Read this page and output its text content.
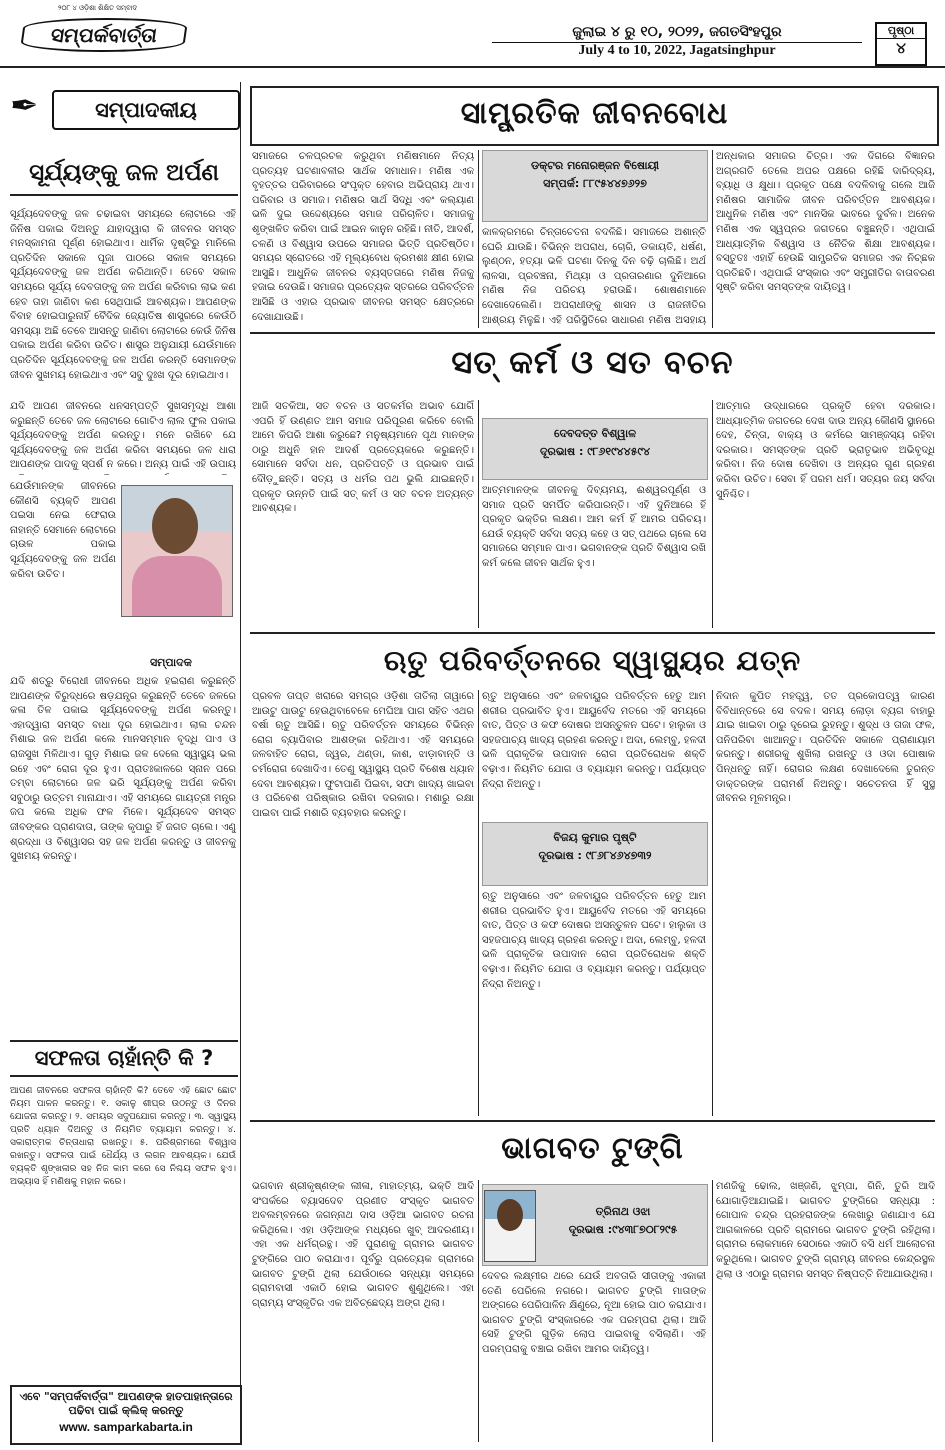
୨୦୮ ୪ ଓଡ଼ିଶା ଶିକ୍ଷିତ ସମ୍ବାଦ
ସମ୍ପର୍କବାର୍ତ୍ତା	ଜୁଲାଇ ୪ ରୁ ୧୦, ୨୦୨୨, ଜଗତସିଂହପୁର
July 4 to 10, 2022, Jagatsinghpur
ପୃଷ୍ଠା
୪
✒	ସମ୍ପାଦକୀୟ
ସୂର୍ଯ୍ୟଙ୍କୁ ଜଳ ଅର୍ପଣ
ସୂର୍ଯ୍ୟଦେବଙ୍କୁ ଜଳ ଚଢାଇବା ସମୟରେ ଲୋଟାରେ ଏହି ଜିନିଷ ପକାଇ ଦିଅନ୍ତୁ ଯାହାଦ୍ୱାରା କି ଜୀବନର ସମସ୍ତ ମନସ୍କାମନା ପୂର୍ଣ୍ଣ ହୋଇଥାଏ। ଧାର୍ମିକ ଦୃଷ୍ଟିରୁ ମାନିଲେ ପ୍ରତିଦିନ ସକାଳେ ପୂଜା ପାଠରେ ସକାଳ ସମୟରେ ସୂର୍ଯ୍ୟଦେବଙ୍କୁ ଜଳ ଅର୍ପଣ କରିଥାନ୍ତି। ତେବେ ସକାଳ ସମୟରେ ସୂର୍ଯ୍ୟ ଦେବତାଙ୍କୁ ଜଳ ଅର୍ପଣ କରିବାର ଲାଭ କଣ ହେବ ତାହା ଜାଣିବା କଣ ସେଥିପାଇଁ ଆବଶ୍ୟକ। ଆପଣଙ୍କ ବିବାହ ହୋଇପାରୁନାହିଁ ବୈଦିକ ଜ୍ୟୋତିଷ ଶାସ୍ତ୍ରରେ କେଉଁଠି ସମସ୍ୟା ଅଛି ତେବେ ଆସନ୍ତୁ ଜାଣିବା ଲୋଟାରେ କେଉଁ ଜିନିଷ ପକାଇ ଅର୍ପଣ କରିବା ଉଚିତ। ଶାସ୍ତ୍ର ଅନୁଯାୟୀ ଯେଉଁମାନେ ପ୍ରତିଦିନ ସୂର୍ଯ୍ୟଦେବଙ୍କୁ ଜଳ ଅର୍ପଣ କରନ୍ତି ସେମାନଙ୍କ ଜୀବନ ସୁଖମୟ ହୋଇଥାଏ ଏବଂ ସବୁ ଦୁଃଖ ଦୂର ହୋଇଥାଏ।
ଯଦି ଆପଣ ଜୀବନରେ ଧନସମ୍ପତ୍ତି ସୁଖସମୃଦ୍ଧି ଆଶା କରୁଛନ୍ତି ତେବେ ଜଳ ଲୋଟାରେ ଗୋଟିଏ ଲାଲ ଫୁଲ ପକାଇ ସୂର୍ଯ୍ୟଦେବଙ୍କୁ ଅର୍ପଣ କରନ୍ତୁ। ମନେ ରଖିବେ ଯେ ସୂର୍ଯ୍ୟଦେବଙ୍କୁ ଜଳ ଅର୍ପଣ କରିବା ସମୟରେ ଜଳ ଧାରା ଆପଣଙ୍କ ପାଦକୁ ସ୍ପର୍ଶ ନ କରେ। ଅନ୍ୟ ପାଇଁ ଏହି ଉପାୟ
ଯେଉଁମାନଙ୍କ ଜୀବନରେ କୌଣସି ବ୍ୟକ୍ତି ଆପଣ ପଇସା ନେଇ ଫେରାଉ ନାହାନ୍ତି ସେମାନେ ଲୋଟାରେ ଚାଉଳ ପକାଇ ସୂର୍ଯ୍ୟଦେବଙ୍କୁ ଜଳ ଅର୍ପଣ କରିବା ଉଚିତ।
ସମ୍ପାଦକ
ଯଦି ଶତ୍ରୁ ବିରୋଧୀ ଜୀବନରେ ଅଧିକ ହଇରାଣ କରୁଛନ୍ତି ଆପଣଙ୍କ ବିରୁଦ୍ଧରେ ଷଡ଼ଯନ୍ତ୍ର କରୁଛନ୍ତି ତେବେ ଜଳରେ କଳା ତିଳ ପକାଇ ସୂର୍ଯ୍ୟଦେବଙ୍କୁ ଅର୍ପଣ କରନ୍ତୁ। ଏହାଦ୍ୱାରା ସମସ୍ତ ବାଧା ଦୂର ହୋଇଥାଏ। ଲାଲ ଚନ୍ଦନ ମିଶାଇ ଜଳ ଅର୍ପଣ କଲେ ମାନସମ୍ମାନ ବୃଦ୍ଧି ପାଏ ଓ ରାଜସୁଖ ମିଳିଥାଏ। ଗୁଡ଼ ମିଶାଇ ଜଳ ଦେଲେ ସ୍ୱାସ୍ଥ୍ୟ ଭଲ ରହେ ଏବଂ ରୋଗ ଦୂର ହୁଏ। ପ୍ରାତଃକାଳରେ ସ୍ନାନ ପରେ ତମ୍ବା ଲୋଟାରେ ଜଳ ଭରି ସୂର୍ଯ୍ୟଙ୍କୁ ଅର୍ପଣ କରିବା ସବୁଠାରୁ ଉତ୍ତମ ମାନାଯାଏ। ଏହି ସମୟରେ ଗାୟତ୍ରୀ ମନ୍ତ୍ର ଜପ କଲେ ଅଧିକ ଫଳ ମିଳେ। ସୂର୍ଯ୍ୟଦେବ ସମସ୍ତ ଜୀବଙ୍କର ପ୍ରାଣଦାତା, ତାଙ୍କ କୃପାରୁ ହିଁ ଜଗତ ଚାଲେ। ଏଣୁ ଶ୍ରଦ୍ଧା ଓ ବିଶ୍ୱାସର ସହ ଜଳ ଅର୍ପଣ କରନ୍ତୁ ଓ ଜୀବନକୁ ସୁଖମୟ କରନ୍ତୁ।
ସଫଳତା ଚାହାଁନ୍ତି କି ?
ଆପଣ ଜୀବନରେ ସଫଳତା ଚାହାଁନ୍ତି କି? ତେବେ ଏହି ଛୋଟ ଛୋଟ ନିୟମ ପାଳନ କରନ୍ତୁ। ୧. ସକାଳୁ ଶୀଘ୍ର ଉଠନ୍ତୁ ଓ ଦିନର ଯୋଜନା କରନ୍ତୁ। ୨. ସମୟର ସଦୁପଯୋଗ କରନ୍ତୁ। ୩. ସ୍ୱାସ୍ଥ୍ୟ ପ୍ରତି ଧ୍ୟାନ ଦିଅନ୍ତୁ ଓ ନିୟମିତ ବ୍ୟାୟାମ କରନ୍ତୁ। ୪. ସକାରାତ୍ମକ ଚିନ୍ତାଧାରା ରଖନ୍ତୁ। ୫. ପରିଶ୍ରମରେ ବିଶ୍ୱାସ ରଖନ୍ତୁ। ସଫଳତା ପାଇଁ ଧୈର୍ଯ୍ୟ ଓ ଲଗନ ଆବଶ୍ୟକ। ଯେଉଁ ବ୍ୟକ୍ତି ଶୃଙ୍ଖଳାର ସହ ନିଜ କାମ କରେ ସେ ନିଶ୍ଚୟ ସଫଳ ହୁଏ। ଅଭ୍ୟାସ ହିଁ ମଣିଷକୁ ମହାନ କରେ।
ଏବେ "ସମ୍ପର୍କବାର୍ତ୍ତା" ଆପଣଙ୍କ ହାତପାହାନ୍ତାରେ
ପଢିବା ପାଇଁ କ୍ଲିକ୍ କରନ୍ତୁ
www. samparkabarta.in
ସାମ୍ପ୍ରତିକ ଜୀବନବୋଧ
ସମାଜରେ ଚଳପ୍ରଚଳ କରୁଥିବା ମଣିଷମାନେ ନିତ୍ୟ ପ୍ରତ୍ୟହ ଘଟଣାବଳୀର ସାର୍ଥକ ସମାଧାନ। ମଣିଷ ଏକ ବୃହତ୍ତର ପରିବାରରେ ସଂପୃକ୍ତ ହେବାର ଅଭିପ୍ରାୟ ଥାଏ। ପରିବାର ଓ ସମାଜ। ମଣିଷର ସାର୍ଥ ସିଦ୍ଧି ଏବଂ କଲ୍ୟାଣ ଭଳି ଦୁଇ ଉଦ୍ଦେଶ୍ୟରେ ସମାଜ ପରିଚାଳିତ। ସମାଜକୁ ଶୃଙ୍ଖଳିତ କରିବା ପାଇଁ ଆଇନ କାନୁନ ରହିଛି। ନୀତି, ଆଦର୍ଶ, ଚଳଣି ଓ ବିଶ୍ୱାସ ଉପରେ ସମାଜର ଭିତ୍ତି ପ୍ରତିଷ୍ଠିତ। ସମୟର ସ୍ରୋତରେ ଏହି ମୂଲ୍ୟବୋଧ କ୍ରମଶଃ କ୍ଷୀଣ ହୋଇ ଆସୁଛି। ଆଧୁନିକ ଜୀବନର ବ୍ୟସ୍ତତାରେ ମଣିଷ ନିଜକୁ ହଜାଇ ଦେଉଛି। ସମାଜର ପ୍ରତ୍ୟେକ ସ୍ତରରେ ପରିବର୍ତ୍ତନ ଆସିଛି ଓ ଏହାର ପ୍ରଭାବ ଜୀବନର ସମସ୍ତ କ୍ଷେତ୍ରରେ ଦେଖାଯାଉଛି।
ଡକ୍ଟର ମନୋରଞ୍ଜନ ବିଷୋୟୀ
ସମ୍ପର୍କ: ୮୮୯୫୪୪୭୬୨୭
କାଳକ୍ରମରେ ଚିନ୍ତାଚେତନା ବଦଳିଛି। ସମାଜରେ ଅଶାନ୍ତି ଘେରି ଯାଉଛି। ବିଭିନ୍ନ ଅପରାଧ, ଚୋରି, ଡକାୟତି, ଧର୍ଷଣ, ଲୁଣ୍ଠନ, ହତ୍ୟା ଭଳି ଘଟଣା ଦିନକୁ ଦିନ ବଢ଼ି ଚାଲିଛି। ଅର୍ଥ ଲାଳସା, ପ୍ରବଞ୍ଚନା, ମିଥ୍ୟା ଓ ପ୍ରତାରଣାର ଦୁନିଆରେ ମଣିଷ ନିଜ ପରିଚୟ ହରାଉଛି। ଶୋଷଣମାନେ ଦେଖାଦେଲେଣି। ଅପରାଧୀଙ୍କୁ ଶାସନ ଓ ରାଜନୀତିର ଆଶ୍ରୟ ମିଳୁଛି। ଏହି ପରିସ୍ଥିତିରେ ସାଧାରଣ ମଣିଷ ଅସହାୟ
ଅନ୍ଧକାର ସମାଜର ଚିତ୍ର। ଏକ ଦିଗରେ ବିଜ୍ଞାନର ଅଗ୍ରଗତି ତେଲେ ଅପର ପକ୍ଷରେ ରହିଛି ଦାରିଦ୍ର୍ୟ, ବ୍ୟାଧି ଓ କ୍ଷୁଧା। ପ୍ରକୃତ ପକ୍ଷେ ବଦଳିବାକୁ ଗଲେ ଆଜି ମଣିଷର ସାମାଜିକ ଜୀବନ ପରିବର୍ତ୍ତନ ଆବଶ୍ୟକ। ଆଧୁନିକ ମଣିଷ ଏବଂ ମାନସିକ ଭାବରେ ଦୁର୍ବଳ। ଅନେକ ମଣିଷ ଏକ ସ୍ୱପ୍ନର ଜଗତରେ ବଞ୍ଚୁଛନ୍ତି। ଏଥିପାଇଁ ଆଧ୍ୟାତ୍ମିକ ବିଶ୍ୱାସ ଓ ନୈତିକ ଶିକ୍ଷା ଆବଶ୍ୟକ। ବସ୍ତୁତଃ ଏହାହିଁ ହେଉଛି ସାମ୍ପ୍ରତିକ ସମାଜର ଏକ ନିଚ୍ଛକ ପ୍ରତିଛବି। ଏଥିପାଇଁ ସଂସ୍କାର ଏବଂ ସମ୍ପ୍ରୀତିର ବାତାବରଣ ସୃଷ୍ଟି କରିବା ସମସ୍ତଙ୍କ ଦାୟିତ୍ୱ।
ସତ୍ କର୍ମ ଓ ସତ ବଚନ
ଆଜି ସତକିଆ, ସତ ବଚନ ଓ ସତକର୍ମର ଅଭାବ ଯୋଗିଁ ଏପରି ହିଁ ଉଣ୍ଣତ ଆମ ସମାଜ ପରିପୂରଣ କରିବେ ବୋଲି ଆମେ କିପରି ଆଶା କରୁଛେ? ମନୁଷ୍ୟମାନେ ପୃଥ ମାନଙ୍କ ଠାରୁ ଅଧୁନି ହାନ ଆଦର୍ଶ ପ୍ରତ୍ୟେକରେ କରୁଛନ୍ତି। ସୋମାନେ ସର୍ବଦା ଧନ, ପ୍ରତିପତ୍ତି ଓ ପ୍ରଭାବ ପାଇଁ ଦୌଡ଼ୁଛନ୍ତି। ସତ୍ୟ ଓ ଧର୍ମର ପଥ ଭୁଲି ଯାଇଛନ୍ତି। ପ୍ରକୃତ ଉନ୍ନତି ପାଇଁ ସତ୍ କର୍ମ ଓ ସତ ବଚନ ଅତ୍ୟନ୍ତ ଆବଶ୍ୟକ।
ଦେବଦତ୍ତ ବିଶ୍ୱାଳ
ଦୂରଭାଷ : ୯୮୬୧୯୪୪୫୯୪
ଆତ୍ମମାନଙ୍କ ଜୀବନକୁ ଦିବ୍ୟମୟ, ଈଶ୍ୱରପୂର୍ଣ୍ଣ ଓ ସମାଜ ପ୍ରତି ସମର୍ପିତ କରିପାରନ୍ତି। ଏହି ଦୁନିଆରେ ହିଁ ପ୍ରକୃତ ଭକ୍ତିର ଲକ୍ଷଣ। ଆମ କର୍ମ ହିଁ ଆମର ପରିଚୟ। ଯେଉଁ ବ୍ୟକ୍ତି ସର୍ବଦା ସତ୍ୟ କହେ ଓ ସତ୍ ପଥରେ ଚାଲେ ସେ ସମାଜରେ ସମ୍ମାନ ପାଏ। ଭଗବାନଙ୍କ ପ୍ରତି ବିଶ୍ୱାସ ରଖି କର୍ମ କଲେ ଜୀବନ ସାର୍ଥକ ହୁଏ।
ଆତ୍ମାର ଉଦ୍ଧାରରେ ପ୍ରକୃତି ହେବା ଦରକାର। ଆଧ୍ୟାତ୍ମିକ ଜଗତରେ ଦେଖ ଦାଉ ଅନ୍ୟ କୌଣସି ସ୍ଥାନରେ ଦେହ, ଚିନ୍ତା, ବାକ୍ୟ ଓ କର୍ମରେ ସାମଞ୍ଜସ୍ୟ ରହିବା ଦରକାର। ସମସ୍ତଙ୍କ ପ୍ରତି ଭ୍ରାତୃଭାବ ଅଭିବୃଦ୍ଧି କରିବା। ନିଜ ଦୋଷ ଦେଖିବା ଓ ଅନ୍ୟର ଗୁଣ ଗ୍ରହଣ କରିବା ଉଚିତ। ସେବା ହିଁ ପରମ ଧର୍ମ। ସତ୍ୟର ଜୟ ସର୍ବଦା ସୁନିଶ୍ଚିତ।
ଋତୁ ପରିବର୍ତ୍ତନରେ ସ୍ୱାସ୍ଥ୍ୟର ଯତ୍ନ
ପ୍ରବଳ ତାପ୍ତ ଖରାରେ ସମଗ୍ର ଓଡ଼ିଶା ତାତିଲା ତାୱାରେ ଆଉଟୁ ପାଉଟୁ ହେଉଥିବାବେଳେ ମେଘିଆ ପାଗ ସହିତ ଏଥର ବର୍ଷା ଋତୁ ଆସିଛି। ଋତୁ ପରିବର୍ତ୍ତନ ସମୟରେ ବିଭିନ୍ନ ରୋଗ ବ୍ୟାପିବାର ଆଶଙ୍କା ରହିଥାଏ। ଏହି ସମୟରେ ଜଳବାହିତ ରୋଗ, ଜ୍ୱର, ଥଣ୍ଡା, କାଶ, ଝାଡ଼ାବାନ୍ତି ଓ ଚର୍ମରୋଗ ଦେଖାଦିଏ। ତେଣୁ ସ୍ୱାସ୍ଥ୍ୟ ପ୍ରତି ବିଶେଷ ଧ୍ୟାନ ଦେବା ଆବଶ୍ୟକ। ଫୁଟାପାଣି ପିଇବା, ସଫା ଖାଦ୍ୟ ଖାଇବା ଓ ପରିବେଶ ପରିଷ୍କାର ରଖିବା ଦରକାର। ମଶାରୁ ରକ୍ଷା ପାଇବା ପାଇଁ ମଶାରି ବ୍ୟବହାର କରନ୍ତୁ।
ଋତୁ ଅନୁସାରେ ଏବଂ ଜଳବାୟୁର ପରିବର୍ତ୍ତନ ହେତୁ ଆମ ଶରୀର ପ୍ରଭାବିତ ହୁଏ। ଆୟୁର୍ବେଦ ମତରେ ଏହି ସମୟରେ ବାତ, ପିତ୍ତ ଓ କଫ ଦୋଷର ଅସନ୍ତୁଳନ ଘଟେ। ହାଲୁକା ଓ ସହଜପାଚ୍ୟ ଖାଦ୍ୟ ଗ୍ରହଣ କରନ୍ତୁ। ଅଦା, ଲେମ୍ବୁ, ହଳଦୀ ଭଳି ପ୍ରାକୃତିକ ଉପାଦାନ ରୋଗ ପ୍ରତିରୋଧକ ଶକ୍ତି ବଢ଼ାଏ। ନିୟମିତ ଯୋଗ ଓ ବ୍ୟାୟାମ କରନ୍ତୁ। ପର୍ଯ୍ୟାପ୍ତ ନିଦ୍ରା ନିଅନ୍ତୁ।
ବିଜୟ କୁମାର ପୃଷ୍ଟି
ଦୂରଭାଷ : ୯୮୬୮୪୬୪୭୩୨
ଋତୁ ଅନୁସାରେ ଏବଂ ଜଳବାୟୁର ପରିବର୍ତ୍ତନ ହେତୁ ଆମ ଶରୀର ପ୍ରଭାବିତ ହୁଏ। ଆୟୁର୍ବେଦ ମତରେ ଏହି ସମୟରେ ବାତ, ପିତ୍ତ ଓ କଫ ଦୋଷର ଅସନ୍ତୁଳନ ଘଟେ। ହାଲୁକା ଓ ସହଜପାଚ୍ୟ ଖାଦ୍ୟ ଗ୍ରହଣ କରନ୍ତୁ। ଅଦା, ଲେମ୍ବୁ, ହଳଦୀ ଭଳି ପ୍ରାକୃତିକ ଉପାଦାନ ରୋଗ ପ୍ରତିରୋଧକ ଶକ୍ତି ବଢ଼ାଏ। ନିୟମିତ ଯୋଗ ଓ ବ୍ୟାୟାମ କରନ୍ତୁ। ପର୍ଯ୍ୟାପ୍ତ ନିଦ୍ରା ନିଅନ୍ତୁ।
ନିଦାନ କୁପିତ ମହତ୍ତ୍ୱ, ତତ ପ୍ରକୋପତ୍ୱ କାରଣ ବିବିଧାନ୍ତରେ ସେ ବଦଳ। ସମୟ ଲୋଡ଼ା ବ୍ୟଗ ବାହାରୁ ଯାଇ ଖାଇବା ଠାରୁ ଦୂରେଇ ରୁହନ୍ତୁ। ଶୁଦ୍ଧ ଓ ତାଜା ଫଳ, ପନିପରିବା ଖାଆନ୍ତୁ। ପ୍ରତିଦିନ ସକାଳେ ପ୍ରାଣାୟାମ କରନ୍ତୁ। ଶରୀରକୁ ଶୁଖିଲା ରଖନ୍ତୁ ଓ ଓଦା ପୋଷାକ ପିନ୍ଧନ୍ତୁ ନାହିଁ। ରୋଗର ଲକ୍ଷଣ ଦେଖାଦେଲେ ତୁରନ୍ତ ଡାକ୍ତରଙ୍କ ପରାମର୍ଶ ନିଅନ୍ତୁ। ସଚେତନତା ହିଁ ସୁସ୍ଥ ଜୀବନର ମୂଳମନ୍ତ୍ର।
ଭାଗବତ ଟୁଙ୍ଗି
ଭଗବାନ ଶ୍ରୀକୃଷ୍ଣଙ୍କ ଲୀଳା, ମାହାତ୍ମ୍ୟ, ଭକ୍ତି ଆଦି ସଂପର୍କରେ ବ୍ୟାସଦେବ ପ୍ରଣୀତ ସଂସ୍କୃତ ଭାଗବତ ଅବଲମ୍ବନରେ ଜଗନ୍ନାଥ ଦାସ ଓଡ଼ିଆ ଭାଗବତ ରଚନା କରିଥିଲେ। ଏହା ଓଡ଼ିଆଙ୍କ ମଧ୍ୟରେ ଖୁବ୍ ଆଦରଣୀୟ। ଏହା ଏକ ଧର୍ମଗ୍ରନ୍ଥ। ଏହି ପୁରାଣକୁ ଗ୍ରାମର ଭାଗବତ ଟୁଙ୍ଗିରେ ପାଠ କରାଯାଏ। ପୂର୍ବରୁ ପ୍ରତ୍ୟେକ ଗ୍ରାମରେ ଭାଗବତ ଟୁଙ୍ଗି ଥିଲା ଯେଉଁଠାରେ ସନ୍ଧ୍ୟା ସମୟରେ ଗ୍ରାମବାସୀ ଏକାଠି ହୋଇ ଭାଗବତ ଶୁଣୁଥିଲେ। ଏହା ଗ୍ରାମ୍ୟ ସଂସ୍କୃତିର ଏକ ଅବିଚ୍ଛେଦ୍ୟ ଅଙ୍ଗ ଥିଲା।
ତ୍ରିନାଥ ଓଝା
ଦୂରଭାଷ :୯୪୩୮୭୦୮୨୯୫
ଦେବର ଲକ୍ଷ୍ମୀର ଥରେ ଯେଉଁ ଅବତାରି ସୀତାଙ୍କୁ ଏକାକୀ ତେଣି ପେରିଲେ ନଗରେ। ଭାଗବତ ଟୁଙ୍ଗି ମାତାଙ୍କ ଅଙ୍ଗରେ ପେରିପାଳିନ କ୍ଷିଣୁରେ, ନୂଆ ହୋଇ ପାଠ କରାଯାଏ। ଭାଗବତ ଟୁଙ୍ଗି ସଂସ୍କାରରେ ଏକ ପରମ୍ପରା ଥିଲା। ଆଜି ସେହି ଟୁଙ୍ଗି ଗୁଡ଼ିକ ଲୋପ ପାଇବାକୁ ବସିଲାଣି। ଏହି ପରମ୍ପରାକୁ ବଞ୍ଚାଇ ରଖିବା ଆମର ଦାୟିତ୍ୱ।
ମଣଜିକୁ ଢୋଲ, ଖଞ୍ଜଣି, ଝୁମ୍ପା, ଗିନି, ତୁରି ଆଦି ଯୋଗାଡ଼ିଆଯାଇଛି। ଭାଗବତ ଟୁଙ୍ଗିରେ ସନ୍ଧ୍ୟା : ଗୋପାଳ ଚନ୍ଦ୍ର ପ୍ରହରାଜଙ୍କ ଲେଖାରୁ ଜଣାଯାଏ ଯେ ଆଗକାଳରେ ପ୍ରତି ଗ୍ରାମରେ ଭାଗବତ ଟୁଙ୍ଗି ରହିଥିଲା। ଗ୍ରାମର ଲୋକମାନେ ସେଠାରେ ଏକାଠି ବସି ଧର୍ମ ଆଲୋଚନା କରୁଥିଲେ। ଭାଗବତ ଟୁଙ୍ଗି ଗ୍ରାମ୍ୟ ଜୀବନର କେନ୍ଦ୍ରସ୍ଥଳ ଥିଲା ଓ ଏଠାରୁ ଗ୍ରାମର ସମସ୍ତ ନିଷ୍ପତ୍ତି ନିଆଯାଉଥିଲା।
